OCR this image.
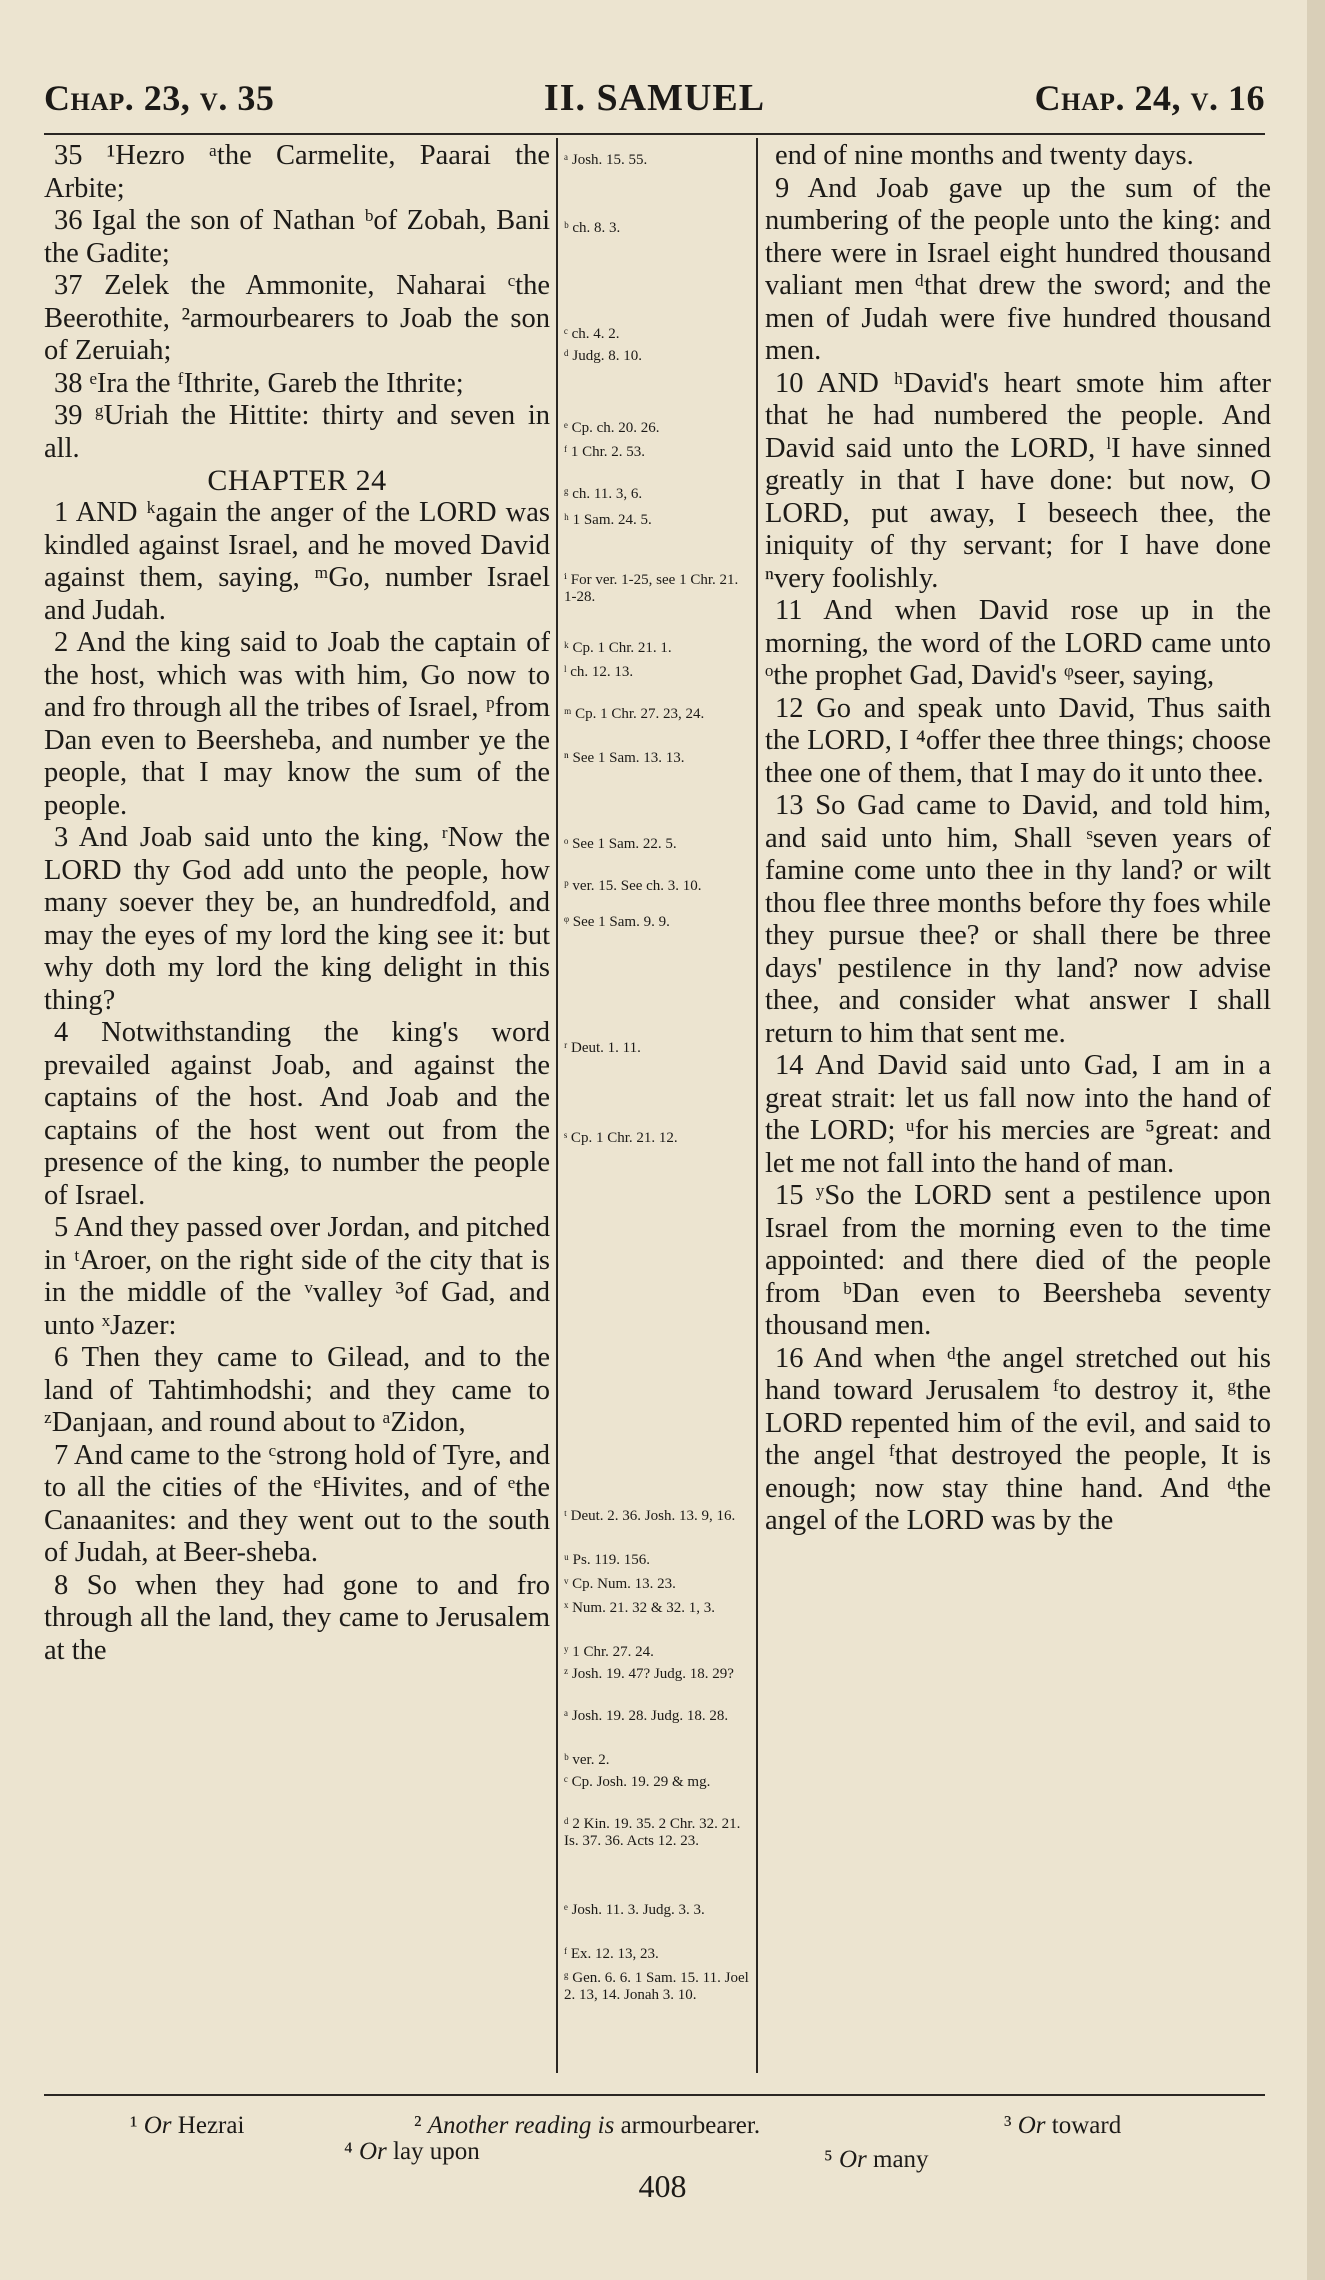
Chap. 23, v. 35	II. SAMUEL	Chap. 24, v. 16

35 ¹Hezro ᵃthe Carmelite, Paarai the Arbite;

36 Igal the son of Nathan ᵇof Zobah, Bani the Gadite;

37 Zelek the Ammonite, Naharai ᶜthe Beerothite, ²armourbearers to Joab the son of Zeruiah;

38 ᵉIra the ᶠIthrite, Gareb the Ithrite;

39 ᵍUriah the Hittite: thirty and seven in all.

CHAPTER 24

1 AND ᵏagain the anger of the LORD was kindled against Israel, and he moved David against them, saying, ᵐGo, number Israel and Judah.

2 And the king said to Joab the captain of the host, which was with him, Go now to and fro through all the tribes of Israel, ᵖfrom Dan even to Beersheba, and number ye the people, that I may know the sum of the people.

3 And Joab said unto the king, ʳNow the LORD thy God add unto the people, how many soever they be, an hundredfold, and may the eyes of my lord the king see it: but why doth my lord the king delight in this thing?

4 Notwithstanding the king's word prevailed against Joab, and against the captains of the host. And Joab and the captains of the host went out from the presence of the king, to number the people of Israel.

5 And they passed over Jordan, and pitched in ᵗAroer, on the right side of the city that is in the middle of the ᵛvalley ³of Gad, and unto ˣJazer:

6 Then they came to Gilead, and to the land of Tahtimhodshi; and they came to ᶻDanjaan, and round about to ᵃZidon,

7 And came to the ᶜstrong hold of Tyre, and to all the cities of the ᵉHivites, and of ᵉthe Canaanites: and they went out to the south of Judah, at Beer-sheba.

8 So when they had gone to and fro through all the land, they came to Jerusalem at the

ᵃ Josh. 15. 55.
ᵇ ch. 8. 3.
ᶜ ch. 4. 2.
ᵈ Judg. 8. 10.
ᵉ Cp. ch. 20. 26.
ᶠ 1 Chr. 2. 53.
ᵍ ch. 11. 3, 6.
ʰ 1 Sam. 24. 5.
ⁱ For ver. 1-25, see 1 Chr. 21. 1-28.
ᵏ Cp. 1 Chr. 21. 1.
ˡ ch. 12. 13.
ᵐ Cp. 1 Chr. 27. 23, 24.
ⁿ See 1 Sam. 13. 13.
ᵒ See 1 Sam. 22. 5.
ᵖ ver. 15. See ch. 3. 10.
ᵠ See 1 Sam. 9. 9.
ʳ Deut. 1. 11.
ˢ Cp. 1 Chr. 21. 12.
ᵗ Deut. 2. 36. Josh. 13. 9, 16.
ᵘ Ps. 119. 156.
ᵛ Cp. Num. 13. 23.
ˣ Num. 21. 32 & 32. 1, 3.
ʸ 1 Chr. 27. 24.
ᶻ Josh. 19. 47? Judg. 18. 29?
ᵃ Josh. 19. 28. Judg. 18. 28.
ᵇ ver. 2.
ᶜ Cp. Josh. 19. 29 & mg.
ᵈ 2 Kin. 19. 35. 2 Chr. 32. 21. Is. 37. 36. Acts 12. 23.
ᵉ Josh. 11. 3. Judg. 3. 3.
ᶠ Ex. 12. 13, 23.
ᵍ Gen. 6. 6. 1 Sam. 15. 11. Joel 2. 13, 14. Jonah 3. 10.

end of nine months and twenty days.

9 And Joab gave up the sum of the numbering of the people unto the king: and there were in Israel eight hundred thousand valiant men ᵈthat drew the sword; and the men of Judah were five hundred thousand men.

10 AND ʰDavid's heart smote him after that he had numbered the people. And David said unto the LORD, ˡI have sinned greatly in that I have done: but now, O LORD, put away, I beseech thee, the iniquity of thy servant; for I have done ⁿvery foolishly.

11 And when David rose up in the morning, the word of the LORD came unto ᵒthe prophet Gad, David's ᵠseer, saying,

12 Go and speak unto David, Thus saith the LORD, I ⁴offer thee three things; choose thee one of them, that I may do it unto thee.

13 So Gad came to David, and told him, and said unto him, Shall ˢseven years of famine come unto thee in thy land? or wilt thou flee three months before thy foes while they pursue thee? or shall there be three days' pestilence in thy land? now advise thee, and consider what answer I shall return to him that sent me.

14 And David said unto Gad, I am in a great strait: let us fall now into the hand of the LORD; ᵘfor his mercies are ⁵great: and let me not fall into the hand of man.

15 ʸSo the LORD sent a pestilence upon Israel from the morning even to the time appointed: and there died of the people from ᵇDan even to Beersheba seventy thousand men.

16 And when ᵈthe angel stretched out his hand toward Jerusalem ᶠto destroy it, ᵍthe LORD repented him of the evil, and said to the angel ᶠthat destroyed the people, It is enough; now stay thine hand. And ᵈthe angel of the LORD was by the

¹ Or Hezrai	² Another reading is armourbearer.	³ Or toward
⁴ Or lay upon	⁵ Or many
408
